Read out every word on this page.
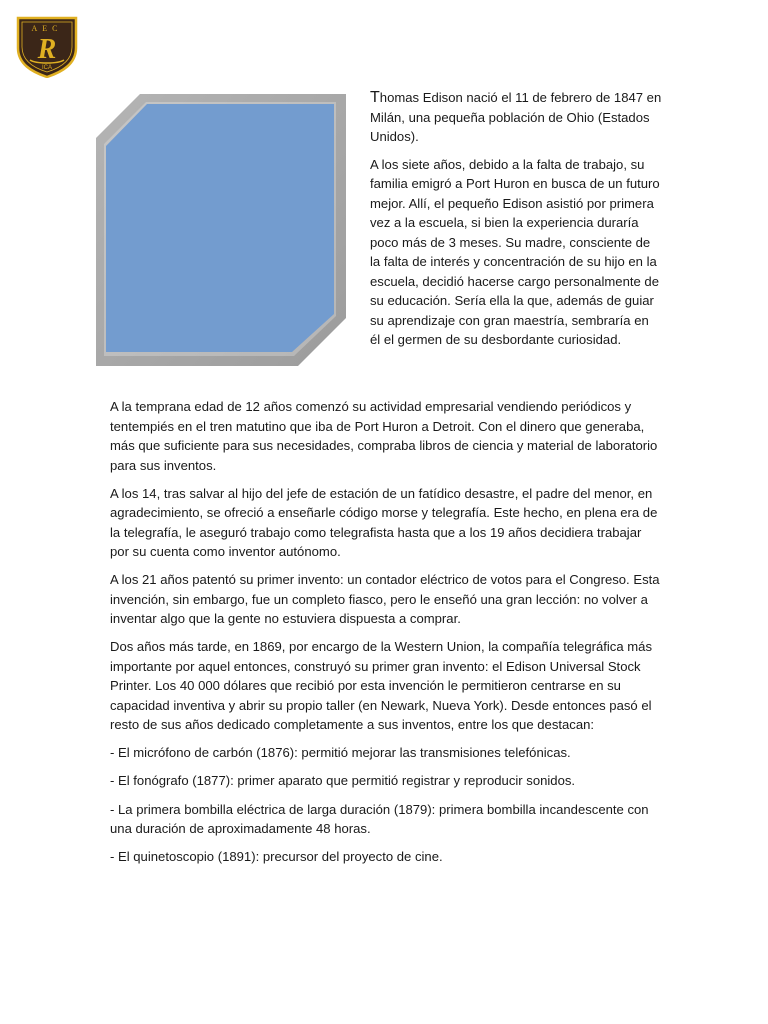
AEC
R
ICA

Thomas Edison nació el 11 de febrero de 1847 en Milán, una pequeña población de Ohio (Estados Unidos).

A los siete años, debido a la falta de trabajo, su familia emigró a Port Huron en busca de un futuro mejor. Allí, el pequeño Edison asistió por primera vez a la escuela, si bien la experiencia duraría poco más de 3 meses. Su madre, consciente de la falta de interés y concentración de su hijo en la escuela, decidió hacerse cargo personalmente de su educación. Sería ella la que, además de guiar su aprendizaje con gran maestría, sembraría en él el germen de su desbordante curiosidad.

A la temprana edad de 12 años comenzó su actividad empresarial vendiendo periódicos y tentempiés en el tren matutino que iba de Port Huron a Detroit. Con el dinero que generaba, más que suficiente para sus necesidades, compraba libros de ciencia y material de laboratorio para sus inventos.

A los 14, tras salvar al hijo del jefe de estación de un fatídico desastre, el padre del menor, en agradecimiento, se ofreció a enseñarle código morse y telegrafía. Este hecho, en plena era de la telegrafía, le aseguró trabajo como telegrafista hasta que a los 19 años decidiera trabajar por su cuenta como inventor autónomo.

A los 21 años patentó su primer invento: un contador eléctrico de votos para el Congreso. Esta invención, sin embargo, fue un completo fiasco, pero le enseñó una gran lección: no volver a inventar algo que la gente no estuviera dispuesta a comprar.

Dos años más tarde, en 1869, por encargo de la Western Union, la compañía telegráfica más importante por aquel entonces, construyó su primer gran invento: el Edison Universal Stock Printer. Los 40 000 dólares que recibió por esta invención le permitieron centrarse en su capacidad inventiva y abrir su propio taller (en Newark, Nueva York). Desde entonces pasó el resto de sus años dedicado completamente a sus inventos, entre los que destacan:

- El micrófono de carbón (1876): permitió mejorar las transmisiones telefónicas.

- El fonógrafo (1877): primer aparato que permitió registrar y reproducir sonidos.

- La primera bombilla eléctrica de larga duración (1879): primera bombilla incandescente con una duración de aproximadamente 48 horas.

- El quinetoscopio (1891): precursor del proyecto de cine.
